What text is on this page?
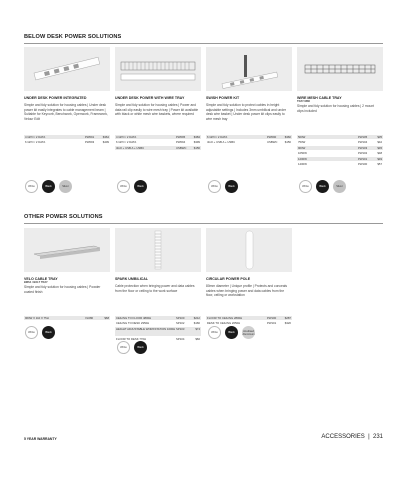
BELOW DESK POWER SOLUTIONS
OTHER POWER SOLUTIONS
UNDER DESK POWER INTEGRATED
Simple and tidy solution for housing cables | Under desk power kit easily integrates to cable management beam | Suitable for Keyvorb, Benchwork, Openwork, Framework, Velour Edit
4 GPO / 2 DATA	PW091	$364
6 GPO / 2 DATA	PW093	$409
White	Black	Silver
UNDER DESK POWER WITH WIRE TRAY
Simple and tidy solution for housing cables | Power and data rail clip easily to wire mesh tray | Power kit available with black or white mesh wire baskets, where required
4 GPO / 2 DATA	PW095	$384
6 GPO / 2 DATA	PW094	$399
4GO + USB A + USBC	USBWC	$156
White	Black
SWISH POWER KIT
Simple and tidy solution to protect cables in height adjustable settings | Includes 3mm umbilical and under desk wire basket | Under desk power kit clips easily to wire mesh tray
6 GPO / 2 DATA	PW090	$360
4GO + USB A + USBC	USBWC	$156
White	Black
WIRE MESH CABLE TRAY
TRAY MINI
Simple and tidy solution for housing cables | 2 mount clips included
500W	PW105	$35
750W	PW104	$42
900W	PW103	$45
1050W	PW102	$48
1200W	PW101	$49
1400W	PW100	$57
White	Black	Silver
VELO CABLE TRAY
BMS4 / BOLT TRAY
Simple and tidy solution for housing cables | Powder coated finish
960W X 110 X 75H	VL680	$68
White	Black
SPARK UMBILICAL
Cable protection when bringing power and data cables from the floor or ceiling to the work surface
CEILING TO FLOOR 4800H	SP100	$212
CEILING TO DESK 2950H	SP102	$166
HEIGHT ADJUSTABLE WORKSTATION 1000H SP103	$74
FLOOR TO DESK 770H	SP104	$60
White	Black
CIRCULAR POWER POLE
80mm diameter | Unique profile | Protects and conceals cables when bringing power and data cables from the floor, ceiling or workstation
FLOOR TO CEILING 2800H	PW100	$287
DESK TO CEILING 2050H	PW101	$320
White	Black	Anodised Aluminium
5 YEAR WARRANTY	ACCESSORIES  |  231
